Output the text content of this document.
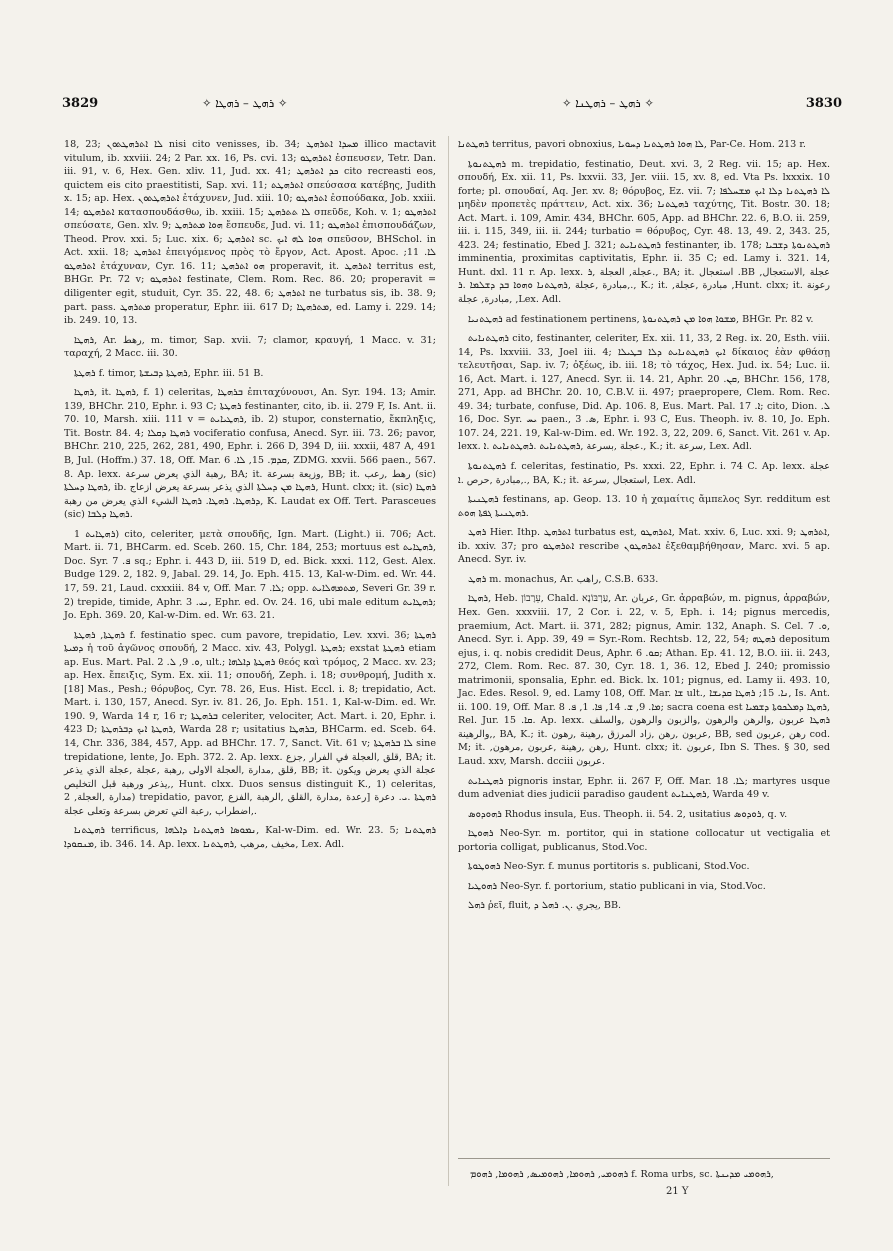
3829	✧ ܪܗܛ – ܪܗܛܐ ✧	✧ ܪܗܛ – ܪܗܛܢܐ ✧	3830

18, 23; ܠܐ ܐܬܪܗܛܬܘܢ nisi cito venisses, ib. 34; ܡܚܕܐ ܐܬܪܗܛ illico mactavit vitulum, ib. xxviii. 24; 2 Par. xx. 16, Ps. cvi. 13; ܐܬܪܗܛܘ ἐσπευσεν, Tetr. Dan. iii. 91, v. 6, Hex. Gen. xliv. 11, Jud. xx. 41; ܟܕ ܐܬܪܗܛ cito recreasti eos, quictem eis cito praestitisti, Sap. xvi. 11; ܐܬܪܗܛܬ σπεύσασα κατέβης, Judith x. 15; ap. Hex. ܐܬܪܗܛܬܘܢ ἐτάχυνεν, Jud. xiii. 10; ܐܬܪܗܛܘ ἐσπούδακα, Job. xxiii. 14; ܐܬܪܗܛܘ κατασπουδάσθω, ib. xxiii. 15; ܠܐ ܬܬܪܗܛ σπεῦδε, Koh. v. 1; ܐܬܪܗܛܘ σπεύσατε, Gen. xlv. 9; ܗܘܐ ܡܬܪܗܛ ἔσπευδε, Jud. vi. 11; ܐܬܪܗܛܘ ἐπισπουδάζων, Theod. Prov. xxi. 5; Luc. xix. 6; ܐܬܪܗܛ sc. ܗܘܐ ܠܗ ܐܝܟ σπεῦσον, BHSchol. in Act. xxii. 18; ܐܬܪܗܛ ἐπειγόμενος πρὸς τὸ ἔργον, Act. Apost. Apoc. ܠܐ. 11; ܐܬܪܗܛܘ ἐτάχυναν, Cyr. 16. 11; ܗܘ ܐܬܪܗܛ properavit, it. ܐܬܪܗܛ territus est, BHGr. Pr. 72 v; ܐܬܪܗܛܘ festinate, Clem. Rom. Rec. 86. 20; properavit = diligenter egit, studuit, Cyr. 35. 22, 48. 6; ܐܬܪܗܛ ne turbatus sis, ib. 38. 9; part. pass. ܡܬܪܗܛ properatur, Ephr. iii. 617 D; ܡܬܪܗܛܐ, ed. Lamy i. 229. 14; ib. 249. 10, 13.

ܪܗܛܐ, Ar. رهط, m. timor, Sap. xvii. 7; clamor, κραυγή, 1 Macc. v. 31; ταραχή, 2 Macc. iii. 30.

ܪܗܛܬܐ f. timor, ܪܗܛܬܐ ܕܒܝܫܬܐ, Ephr. iii. 51 B.

ܪܗܛܐ, it. ܪܗܛܐ, f. 1) celeritas, ܒܪܗܛܐ ἐπιταχύνουσι, An. Syr. 194. 13; Amir. 139, BHChr. 210, Ephr. i. 93 C; ܪܗܛܬܐ festinanter, cito, ib. ii. 279 F, Is. Ant. ii. 70. 10, Marsh. xiii. 111 v = ܪܗܛܝܐܝܬ, ib. 2) stupor, consternatio, ἔκπληξις, Tit. Bostr. 84. 4; ܪܗܛܐ ܕܩܠܐ vociferatio confusa, Anecd. Syr. iii. 73. 26; pavor, BHChr. 210, 225, 262, 281, 490, Ephr. i. 266 D, 394 D, iii. xxxii, 487 A, 491 B, Jul. (Hoffm.) 37. 18, Off. Mar. ܩܕܡ. 15, ܠܐ. 6, ZDMG. xxvii. 566 paen., 567. 8. Ap. lexx. رهبة الذي يعرض سرعة, BA; it. وزيعة بسرعة, BB; it. رهط ,رعب (sic) ܪܗܛܐ ܕܚܠܬܐ, ib. ܪܗܛܐ ܡܢ ܕܚܠܬܐ الذي يذعر بسرعة يعرض ازعاج, Hunt. clxx; it. (sic) ܪܗܛܐ ܕܪܗܛܐ. ܪܗܛܐ. ܪܗܛܐ الشيء الذي يعرض من رهبة, K. Laudat ex Off. Tert. Parasceues (sic) ܪܗܛܐ ܕܠܒܐ.

ܪܗܛܐܝܬ 1) cito, celeriter, μετὰ σπουδῆς, Ign. Mart. (Light.) ii. 706; Act. Mart. ii. 71, BHCarm. ed. Sceb. 260. 15, Chr. 184, 253; mortuus est ܪܗܛܐܝܬ, Doc. Syr. ܦ. 7 sq.; Ephr. i. 443 D, iii. 519 D, ed. Bick. xxxi. 112, Gest. Alex. Budge 129. 2, 182. 9, Jabal. 29. 14, Jo. Eph. 415. 13, Kal-w-Dim. ed. Wr. 44. 17, 59. 21, Laud. cxxxiii. 84 v, Off. Mar. ܠܐ. 7; opp. ܡܬܡܗܠܐܝܬ, Severi Gr. 39 r. 2) trepide, timide, Aphr. ܢܝ. 3, Ephr. ed. Ov. 24. 16, ubi male editum ܪܗܛܐܝܬ; Jo. Eph. 369. 20, Kal-w-Dim. ed. Wr. 63. 21.

ܪܗܛܬܐ, ܪܗܛܬܐ f. festinatio spec. cum pavore, trepidatio, Lev. xxvi. 36; ܪܗܛܬܐ ܕܡܝܬܐ ἡ τοῦ ἀγῶνος σπουδή, 2 Macc. xiv. 43, Polygl. ܪܗܛܬܐ; exstat ܪܗܛܬܐ etiam ap. Eus. Mart. Pal. ܘ. 9, ܠ. 2, ult.; ܪܗܛܬܐ ܕܐܠܗܐ θεός καὶ τρόμος, 2 Macc. xv. 23; ap. Hex. ἔπειξις, Sym. Ex. xii. 11; σπουδή, Zeph. i. 18; συνθρομή, Judith x. [18] Mas., Pesh.; θόρυβος, Cyr. 78. 26, Eus. Hist. Eccl. i. 8; trepidatio, Act. Mart. i. 130, 157, Anecd. Syr. iv. 81. 26, Jo. Eph. 151. 1, Kal-w-Dim. ed. Wr. 190. 9, Warda 14 r, 16 r; ܒܪܗܛܬܐ celeriter, velociter, Act. Mart. i. 20, Ephr. i. 423 D; ܪܗܛܬܐ ܐܝܟ ܕܒܪܗܛܬܐ, Warda 28 r; usitatius ܒܪܗܛܐ, BHCarm. ed. Sceb. 64. 14, Chr. 336, 384, 457, App. ad BHChr. 17. 7, Sanct. Vit. 61 v; ܠܐ ܒܪܗܛܬܐ sine trepidatione, lente, Jo. Eph. 372. 2. Ap. lexx. قلق ,العجلة في الفرار ,جزع, BA; it. قلق ,مدارة ,العجلة الاولى ,رهبة ,عجلة ,عجلة الذي يذعر, BB; it. عجلة الذي يعرض ويكون ,يذعر ورهبة قبل التخليص, Hunt. clxx. Duos sensus distinguit K., 1) celeritas, مدارة ,العجلة, 2) trepidatio, pavor, ܪܗܛܬܐ .ܝ. دعرة [رعدة ,مدارة ,القلق ,الرهبة ,الفزع ,اضطراب ,رعبة التي تعرض بسرعة وتعلى عجلة.

ܪܗܛܬܢܐ terrificus, ܢܡܘܣܐ ܪܗܛܬܢܐ ܕܐܠܗܐ, Kal-w-Dim. ed. Wr. 23. 5; ܪܗܛܬܢܐ ܡܢܩܘܕܐ, ib. 346. 14. Ap. lexx. مخيف ,مرهب ,ܪܗܛܬܢܐ, Lex. Adl.

ܪܗܛܬܢܐ territus, pavori obnoxius, ܠܐ ܗܘܐ ܪܗܛܬܢܐ ܕܚܘܝܐ, Par-Ce. Hom. 213 r.

ܪܗܛܬܢܘܬܐ m. trepidatio, festinatio, Deut. xvi. 3, 2 Reg. vii. 15; ap. Hex. σπουδή, Ex. xii. 11, Ps. lxxvii. 33, Jer. viii. 15, xv. 8, ed. Vta Ps. lxxxix. 10 forte; pl. σπουδαί, Aq. Jer. xv. 8; θόρυβος, Ez. vii. 7; ܠܐ ܪܗܛܬܢܐ ܕܠܐ ܐܝܟ ܡܫܚܠܦܐ μηδὲν προπετὲς πράττειν, Act. xix. 36; ܪܗܛܬܢܐ ταχύτης, Tit. Bostr. 30. 18; Act. Mart. i. 109, Amir. 434, BHChr. 605, App. ad BHChr. 22. 6, B.O. ii. 259, iii. i. 115, 349, iii. ii. 244; turbatio = θόρυβος, Cyr. 48. 13, 49. 2, 343. 25, 423. 24; festinatio, Ebed J. 321; ܪܗܛܬܢܐܝܬ festinanter, ib. 178; ܪܗܛܬܢܘܬܐ ܕܫܒܝܐ imminentia, proximitas captivitatis, Ephr. ii. 35 C; ed. Lamy i. 321. 14, Hunt. dxl. 11 r. Ap. lexx. عجلة, العجلة ,ܪ., BA; it. استعجال .BB ,عجلة ,الاستعجال ,مبادرة ,عجلة ,ܪܗܛܬܢܐ ܘܗܘܐ ܒܕ ܕܫܠܡܐ .ܪ., K.; it. ,مبادرة ,عجلة ,Hunt. clxx; it. رعونة ,مبادرة, عجلة ,Lex. Adl.

ܪܗܛܬܢܝܐ ad festinationem pertinens, ܡܫܘܐ ܗܘܐ ܡܢ ܪܗܛܬܢܘܬܐ, BHGr. Pr. 82 v.

ܪܗܛܬܢܐܝܬ cito, festinanter, celeriter, Ex. xii. 11, 33, 2 Reg. ix. 20, Esth. viii. 14, Ps. lxxviii. 33, Joel iii. 4; ܐܝܟ ܪܗܛܬܢܐܝܬ ܕܠܐ ܒܛܝܠܐ δίκαιος ἐὰν φθάσῃ τελευτῆσαι, Sap. iv. 7; ὀξέως, ib. iii. 18; τὸ τάχος, Hex. Jud. ix. 54; Luc. ii. 16, Act. Mart. i. 127, Anecd. Syr. ii. 14. 21, Aphr. ܩܢ. 20, BHChr. 156, 178, 271, App. ad BHChr. 20. 10, C.B.V. ii. 497; praepropere, Clem. Rom. Rec. 49. 34; turbate, confuse, Did. Ap. 106. 8, Eus. Mart. Pal. ܐ. 17; cito, Dion. ܠ. 16, Doc. Syr. ܝܚ paen., ܣ. 3, Ephr. i. 93 C, Eus. Theoph. iv. 8. 10, Jo. Eph. 107. 24, 221. 19, Kal-w-Dim. ed. Wr. 192. 3, 22, 209. 6, Sanct. Vit. 261 v. Ap. lexx. عجلة ,بسرعة ,ܪܗܛܬܢܐܝܬ .ܪܗܛܬܢܐܝܬ .ܐ., K.; it. سرعة, Lex. Adl.

ܪܗܛܬܢܘܬܐ f. celeritas, festinatio, Ps. xxxi. 22, Ephr. i. 74 C. Ap. lexx. عجلة ,مبادرة ,حرص .ܐ., BA, K.; it. استعجال ,سرعة, Lex. Adl.

ܪܗܛܢܝܬܐ festinans, ap. Geop. 13. 10 ἡ χαμαίτις ἄμπελος Syr. redditum est ܪܗܛܢܝܬܐ ܓܦܬܐ ܗܘܬ.

ܪܗܛ Hier. Ithp. ܐܬܪܗܛ turbatus est, ܐܬܪܗܛܘ, Mat. xxiv. 6, Luc. xxi. 9; ܐܬܪܗܛ, ib. xxiv. 37; pro ܐܬܪܗܛܘ rescribe ܐܬܪܗܛܘܢ ἐξεθαμβήθησαν, Marc. xvi. 5 ap. Anecd. Syr. iv.

ܪܗܛ m. monachus, Ar. راهب, C.S.B. 633.

ܪܗܛܐ, Heb. עֵרָבוֹן, Chald. עַרְבּוֹנָא, Ar. عربان, Gr. ἀρραβών, m. pignus, ἀρραβών, Hex. Gen. xxxviii. 17, 2 Cor. i. 22, v. 5, Eph. i. 14; pignus mercedis, praemium, Act. Mart. ii. 371, 282; pignus, Amir. 132, Anaph. S. Cel. ܘ. 7, Anecd. Syr. i. App. 39, 49 = Syr.-Rom. Rechtsb. 12, 22, 54; ܪܗܛܗ depositum ejus, i. q. nobis credidit Deus, Aphr. ܩܘ. 6; Athan. Ep. 41. 12, B.O. iii. ii. 243, 272, Clem. Rom. Rec. 87. 30, Cyr. 18. 1, 36. 12, Ebed J. 240; promissio matrimonii, sponsalia, Ephr. ed. Bick. lx. 101; pignus, ed. Lamy ii. 493. 10, Jac. Edes. Resol. 9, ed. Lamy 108, Off. Mar. ܫܐ ult., ܢܐ. 15; ܪܗܛܐ ܩܕܝܫܐ, Is. Ant. ii. 100. 19, Off. Mar. ܡܐ. 9, ܫ. 14, ܦܐ. 1, ܦ. 8; sacra coena est ܪܗܛܐ ܕܡܠܟܘܬܐ ܕܫܡܝܐ, Rel. Jur. ܩܐ. 15. Ap. lexx. ܪܗܛܐ عربون ,والرهن والرهون ,والزبون والرهون ,والسلف ,والرهينة, BA, K.; it. عربون ,رهن ,زاد المرزق ,رهينة ,رهون, BB, sed رهن ,عربون cod. M; it. ,رهن ,رهينة ,عربون ,مرهون, Hunt. clxx; it. عربون, Ibn S. Thes. § 30, sed Laud. xxv, Marsh. dcciii عربون.

ܪܗܛܢܐܝܬ pignoris instar, Ephr. ii. 267 F, Off. Mar. ܠܐ. 18; martyres usque dum adveniat dies judicii paradiso gaudent ܪܗܛܢܐܝܬ, Warda 49 v.

ܪܗܘܕܘܣ Rhodus insula, Eus. Theoph. ii. 54. 2, usitatius ܪܘܕܘܣ, q. v.

ܪܗܘܛܐ Neo-Syr. m. portitor, qui in statione collocatur ut vectigalia et portoria colligat, publicanus, Stod.Voc.

ܪܗܘܛܘܬܐ Neo-Syr. f. munus portitoris s. publicani, Stod.Voc.

ܪܗܘܛܝܐ Neo-Syr. f. portorium, statio publicani in via, Stod.Voc.

ܪܗܠ ῥεῖ, fluit, يجري .ܢ. ܪܗܠ ܕ, BB.

ܪܗܘܡܝ, ܪܗܘܡܐ, ܪܗܘܡܝܣ, ܪܗܘܡܐ, ܪܗܘܡ f. Roma urbs, sc. ܪܗܘܡܝ ܡܕܝܢܬܐ,
21 Y
